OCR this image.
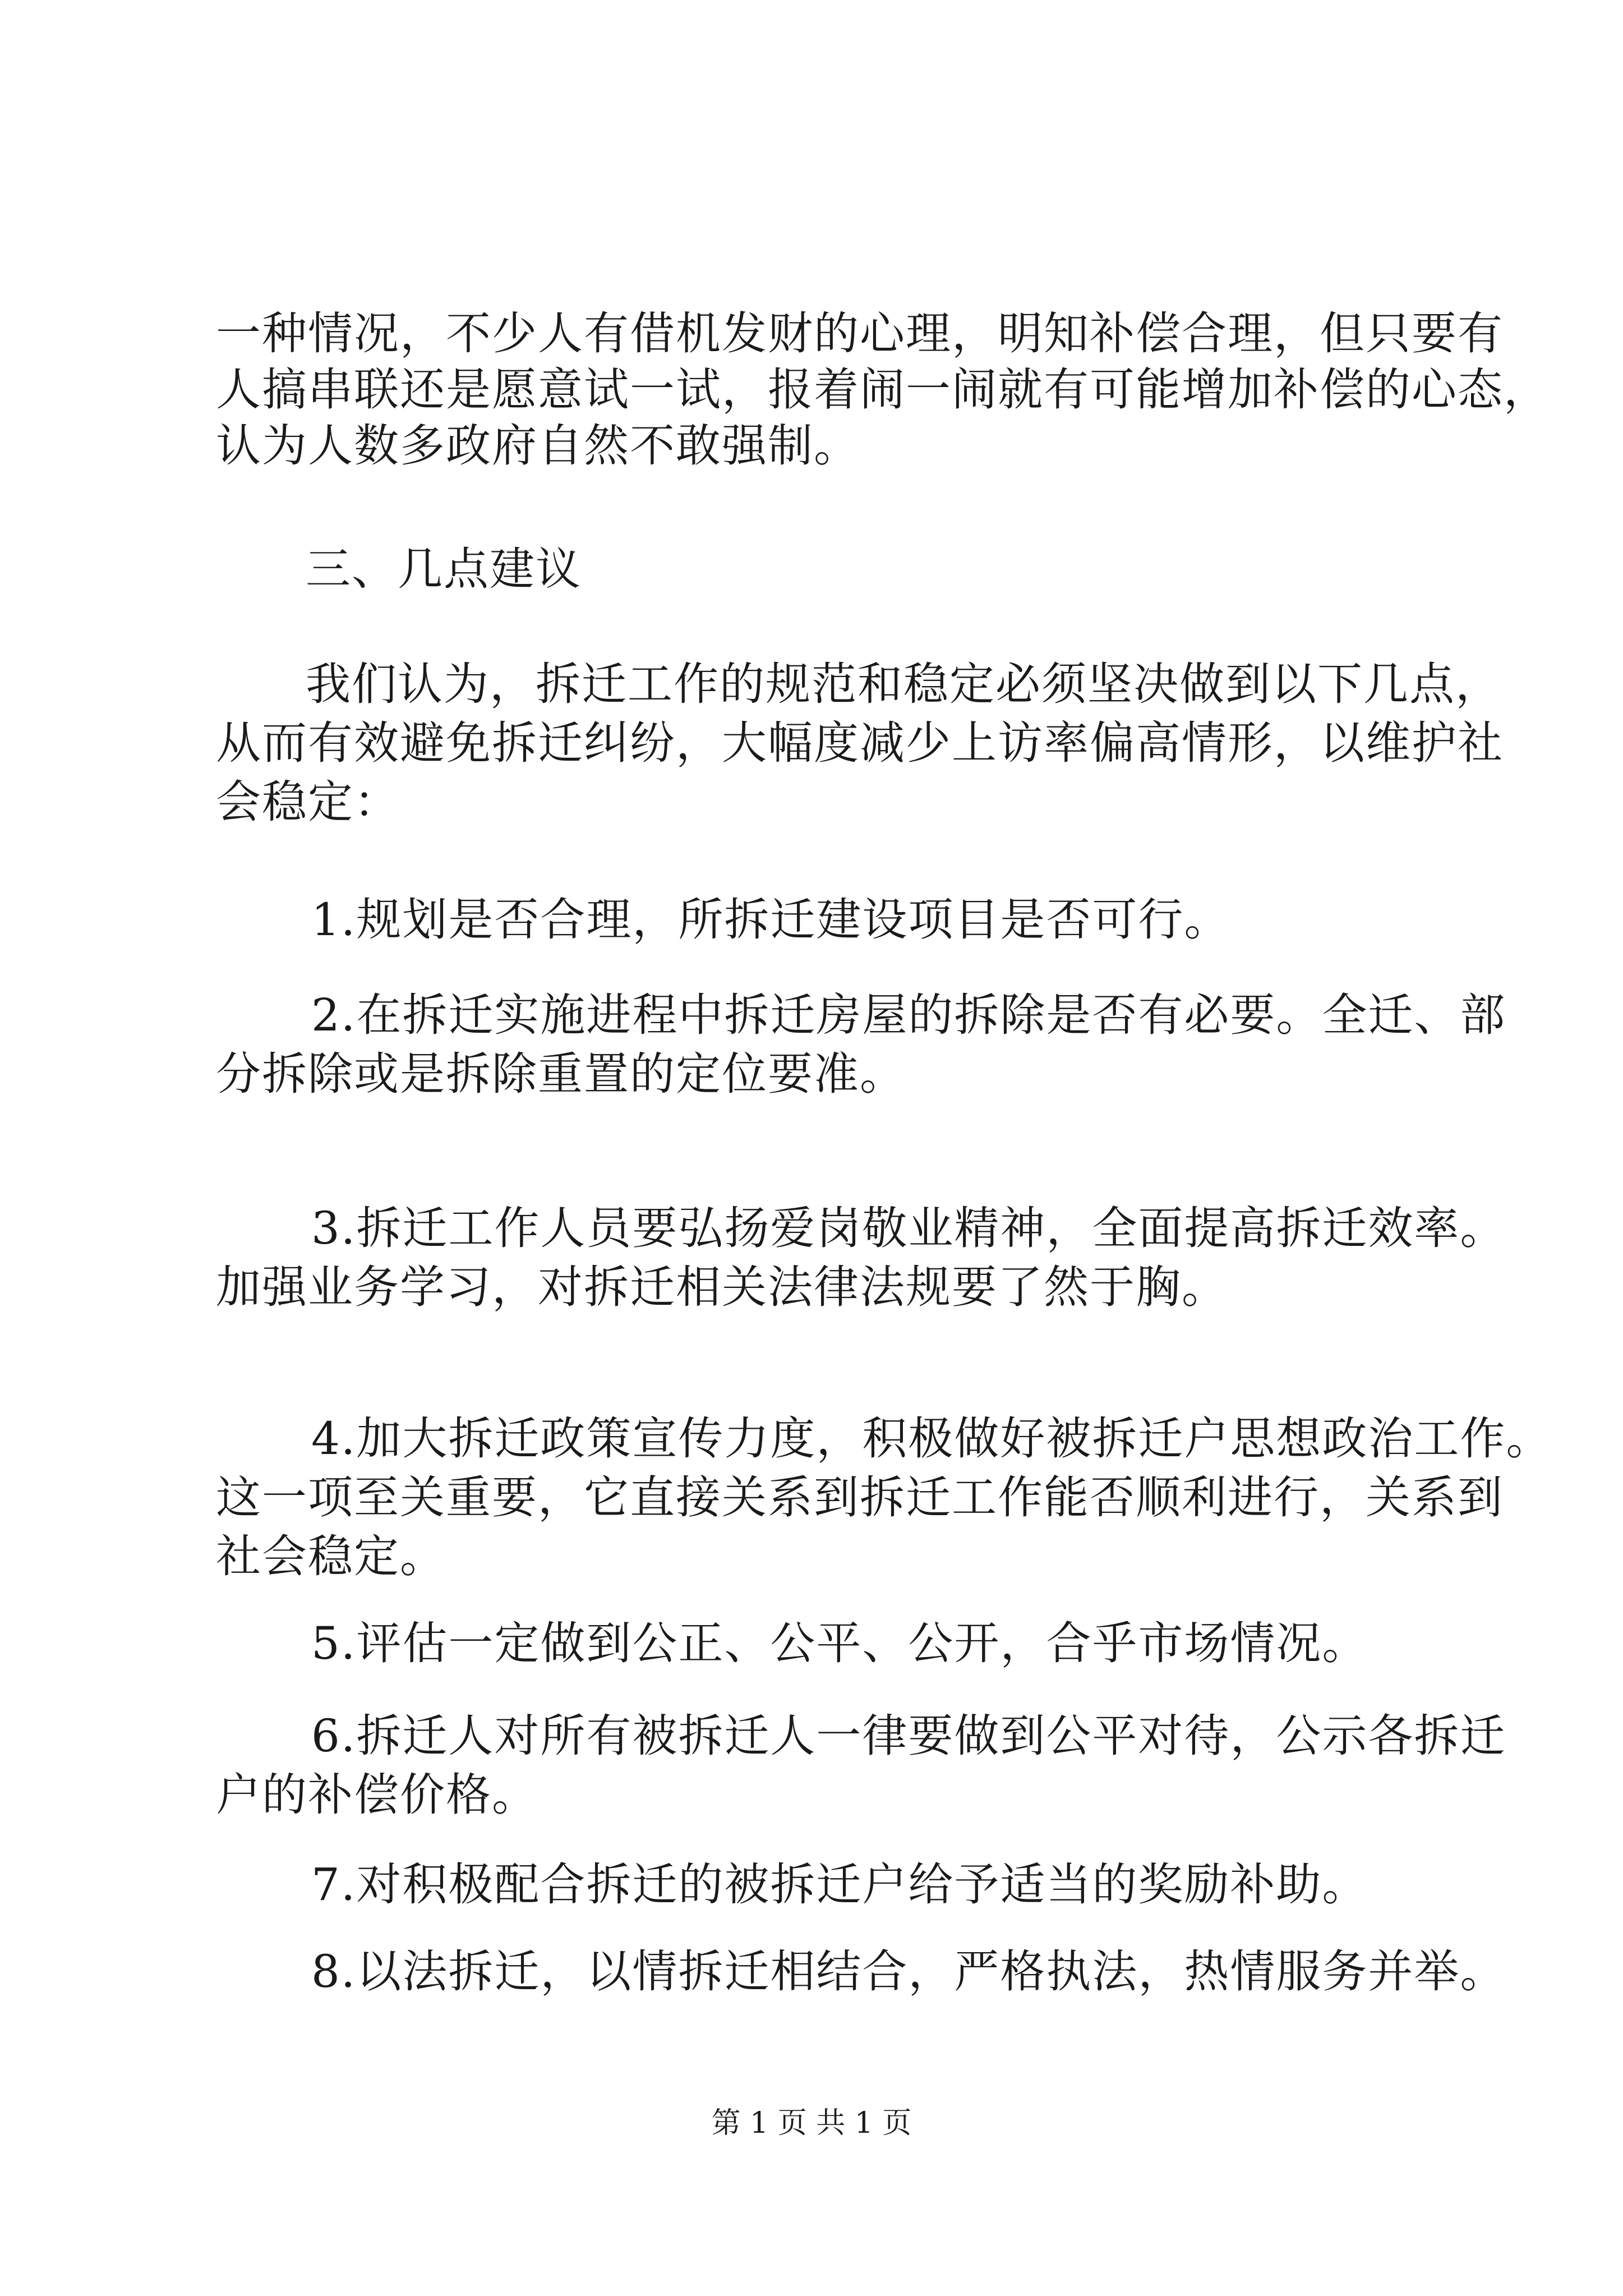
一种情况，不少人有借机发财的心理，明知补偿合理，但只要有
人搞串联还是愿意试一试，报着闹一闹就有可能增加补偿的心态，
认为人数多政府自然不敢强制。
三、几点建议
我们认为，拆迁工作的规范和稳定必须坚决做到以下几点，
从而有效避免拆迁纠纷，大幅度减少上访率偏高情形，以维护社
会稳定：
1.规划是否合理，所拆迁建设项目是否可行。
2.在拆迁实施进程中拆迁房屋的拆除是否有必要。全迁、部
分拆除或是拆除重置的定位要准。
3.拆迁工作人员要弘扬爱岗敬业精神，全面提高拆迁效率。
加强业务学习，对拆迁相关法律法规要了然于胸。
4.加大拆迁政策宣传力度，积极做好被拆迁户思想政治工作。
这一项至关重要，它直接关系到拆迁工作能否顺利进行，关系到
社会稳定。
5.评估一定做到公正、公平、公开，合乎市场情况。
6.拆迁人对所有被拆迁人一律要做到公平对待，公示各拆迁
户的补偿价格。
7.对积极配合拆迁的被拆迁户给予适当的奖励补助。
8.以法拆迁，以情拆迁相结合，严格执法，热情服务并举。
第 1 页 共 1 页
